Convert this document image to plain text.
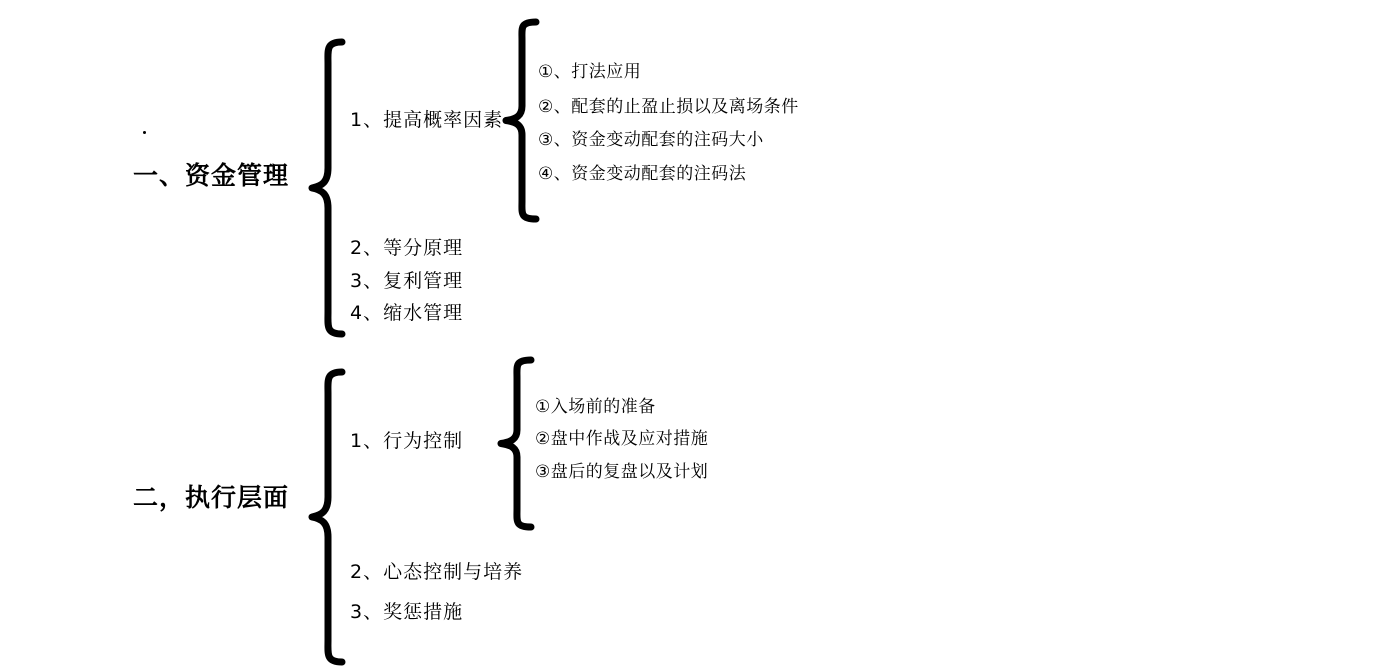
一、资金管理
1、提高概率因素
2、等分原理
3、复利管理
4、缩水管理
①、打法应用
②、配套的止盈止损以及离场条件
③、资金变动配套的注码大小
④、资金变动配套的注码法
二，执行层面
1、行为控制
2、心态控制与培养
3、奖惩措施
①入场前的准备
②盘中作战及应对措施
③盘后的复盘以及计划
